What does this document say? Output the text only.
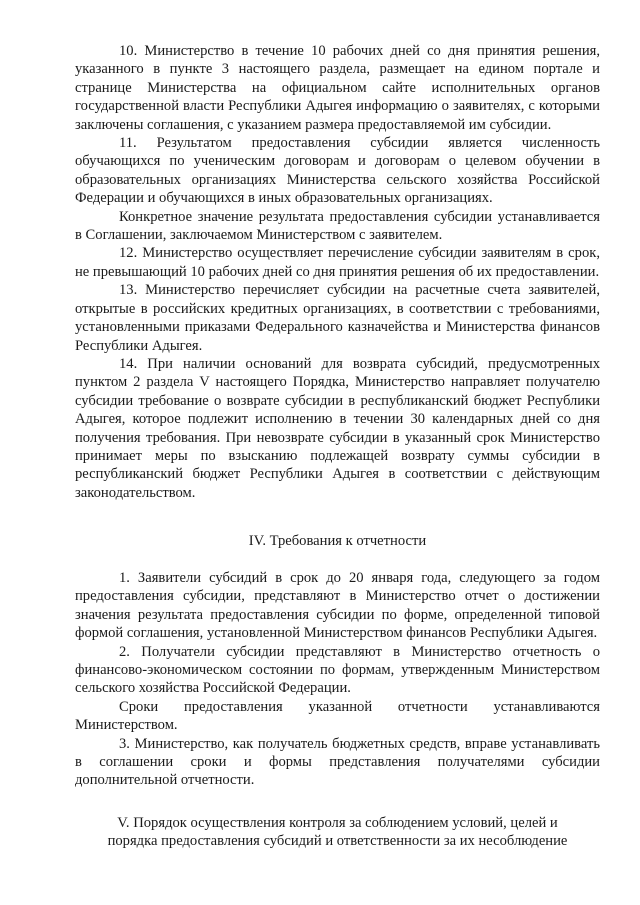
10. Министерство в течение 10 рабочих дней со дня принятия решения, указанного в пункте 3 настоящего раздела, размещает на едином портале и странице Министерства на официальном сайте исполнительных органов государственной власти Республики Адыгея информацию о заявителях, с которыми заключены соглашения, с указанием размера предоставляемой им субсидии.

11. Результатом предоставления субсидии является численность обучающихся по ученическим договорам и договорам о целевом обучении в образовательных организациях Министерства сельского хозяйства Российской Федерации и обучающихся в иных образовательных организациях.

Конкретное значение результата предоставления субсидии устанавливается в Соглашении, заключаемом Министерством с заявителем.

12. Министерство осуществляет перечисление субсидии заявителям в срок, не превышающий 10 рабочих дней со дня принятия решения об их предоставлении.

13. Министерство перечисляет субсидии на расчетные счета заявителей, открытые в российских кредитных организациях, в соответствии с требованиями, установленными приказами Федерального казначейства и Министерства финансов Республики Адыгея.

14. При наличии оснований для возврата субсидий, предусмотренных пунктом 2 раздела V настоящего Порядка, Министерство направляет получателю субсидии требование о возврате субсидии в республиканский бюджет Республики Адыгея, которое подлежит исполнению в течении 30 календарных дней со дня получения требования. При невозврате субсидии в указанный срок Министерство принимает меры по взысканию подлежащей возврату суммы субсидии в республиканский бюджет Республики Адыгея в соответствии с действующим законодательством.

IV. Требования к отчетности

1. Заявители субсидий в срок до 20 января года, следующего за годом предоставления субсидии, представляют в Министерство отчет о достижении значения результата предоставления субсидии по форме, определенной типовой формой соглашения, установленной Министерством финансов Республики Адыгея.

2. Получатели субсидии представляют в Министерство отчетность о финансово-экономическом состоянии по формам, утвержденным Министерством сельского хозяйства Российской Федерации.

Сроки предоставления указанной отчетности устанавливаются Министерством.

3. Министерство, как получатель бюджетных средств, вправе устанавливать в соглашении сроки и формы представления получателями субсидии дополнительной отчетности.

V. Порядок осуществления контроля за соблюдением условий, целей и

порядка предоставления субсидий и ответственности за их несоблюдение
